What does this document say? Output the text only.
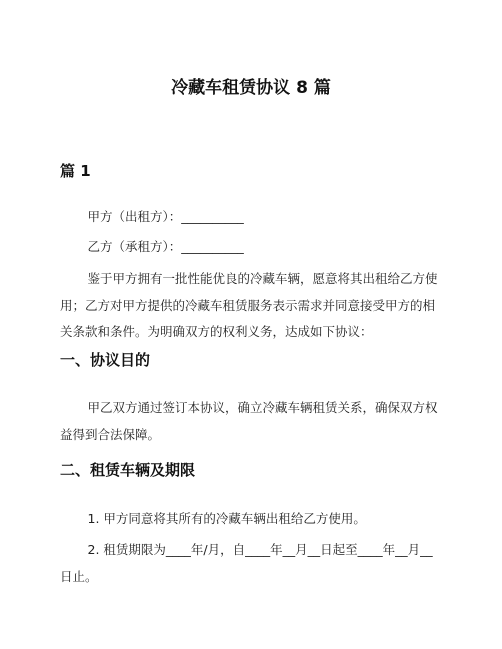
冷藏车租赁协议 8 篇
篇 1

甲方（出租方）：__________

乙方（承租方）：__________

鉴于甲方拥有一批性能优良的冷藏车辆，愿意将其出租给乙方使用；乙方对甲方提供的冷藏车租赁服务表示需求并同意接受甲方的相关条款和条件。为明确双方的权利义务，达成如下协议：

一、协议目的

甲乙双方通过签订本协议，确立冷藏车辆租赁关系，确保双方权益得到合法保障。

二、租赁车辆及期限

1. 甲方同意将其所有的冷藏车辆出租给乙方使用。

2. 租赁期限为____年/月，自____年__月__日起至____年__月__日止。
